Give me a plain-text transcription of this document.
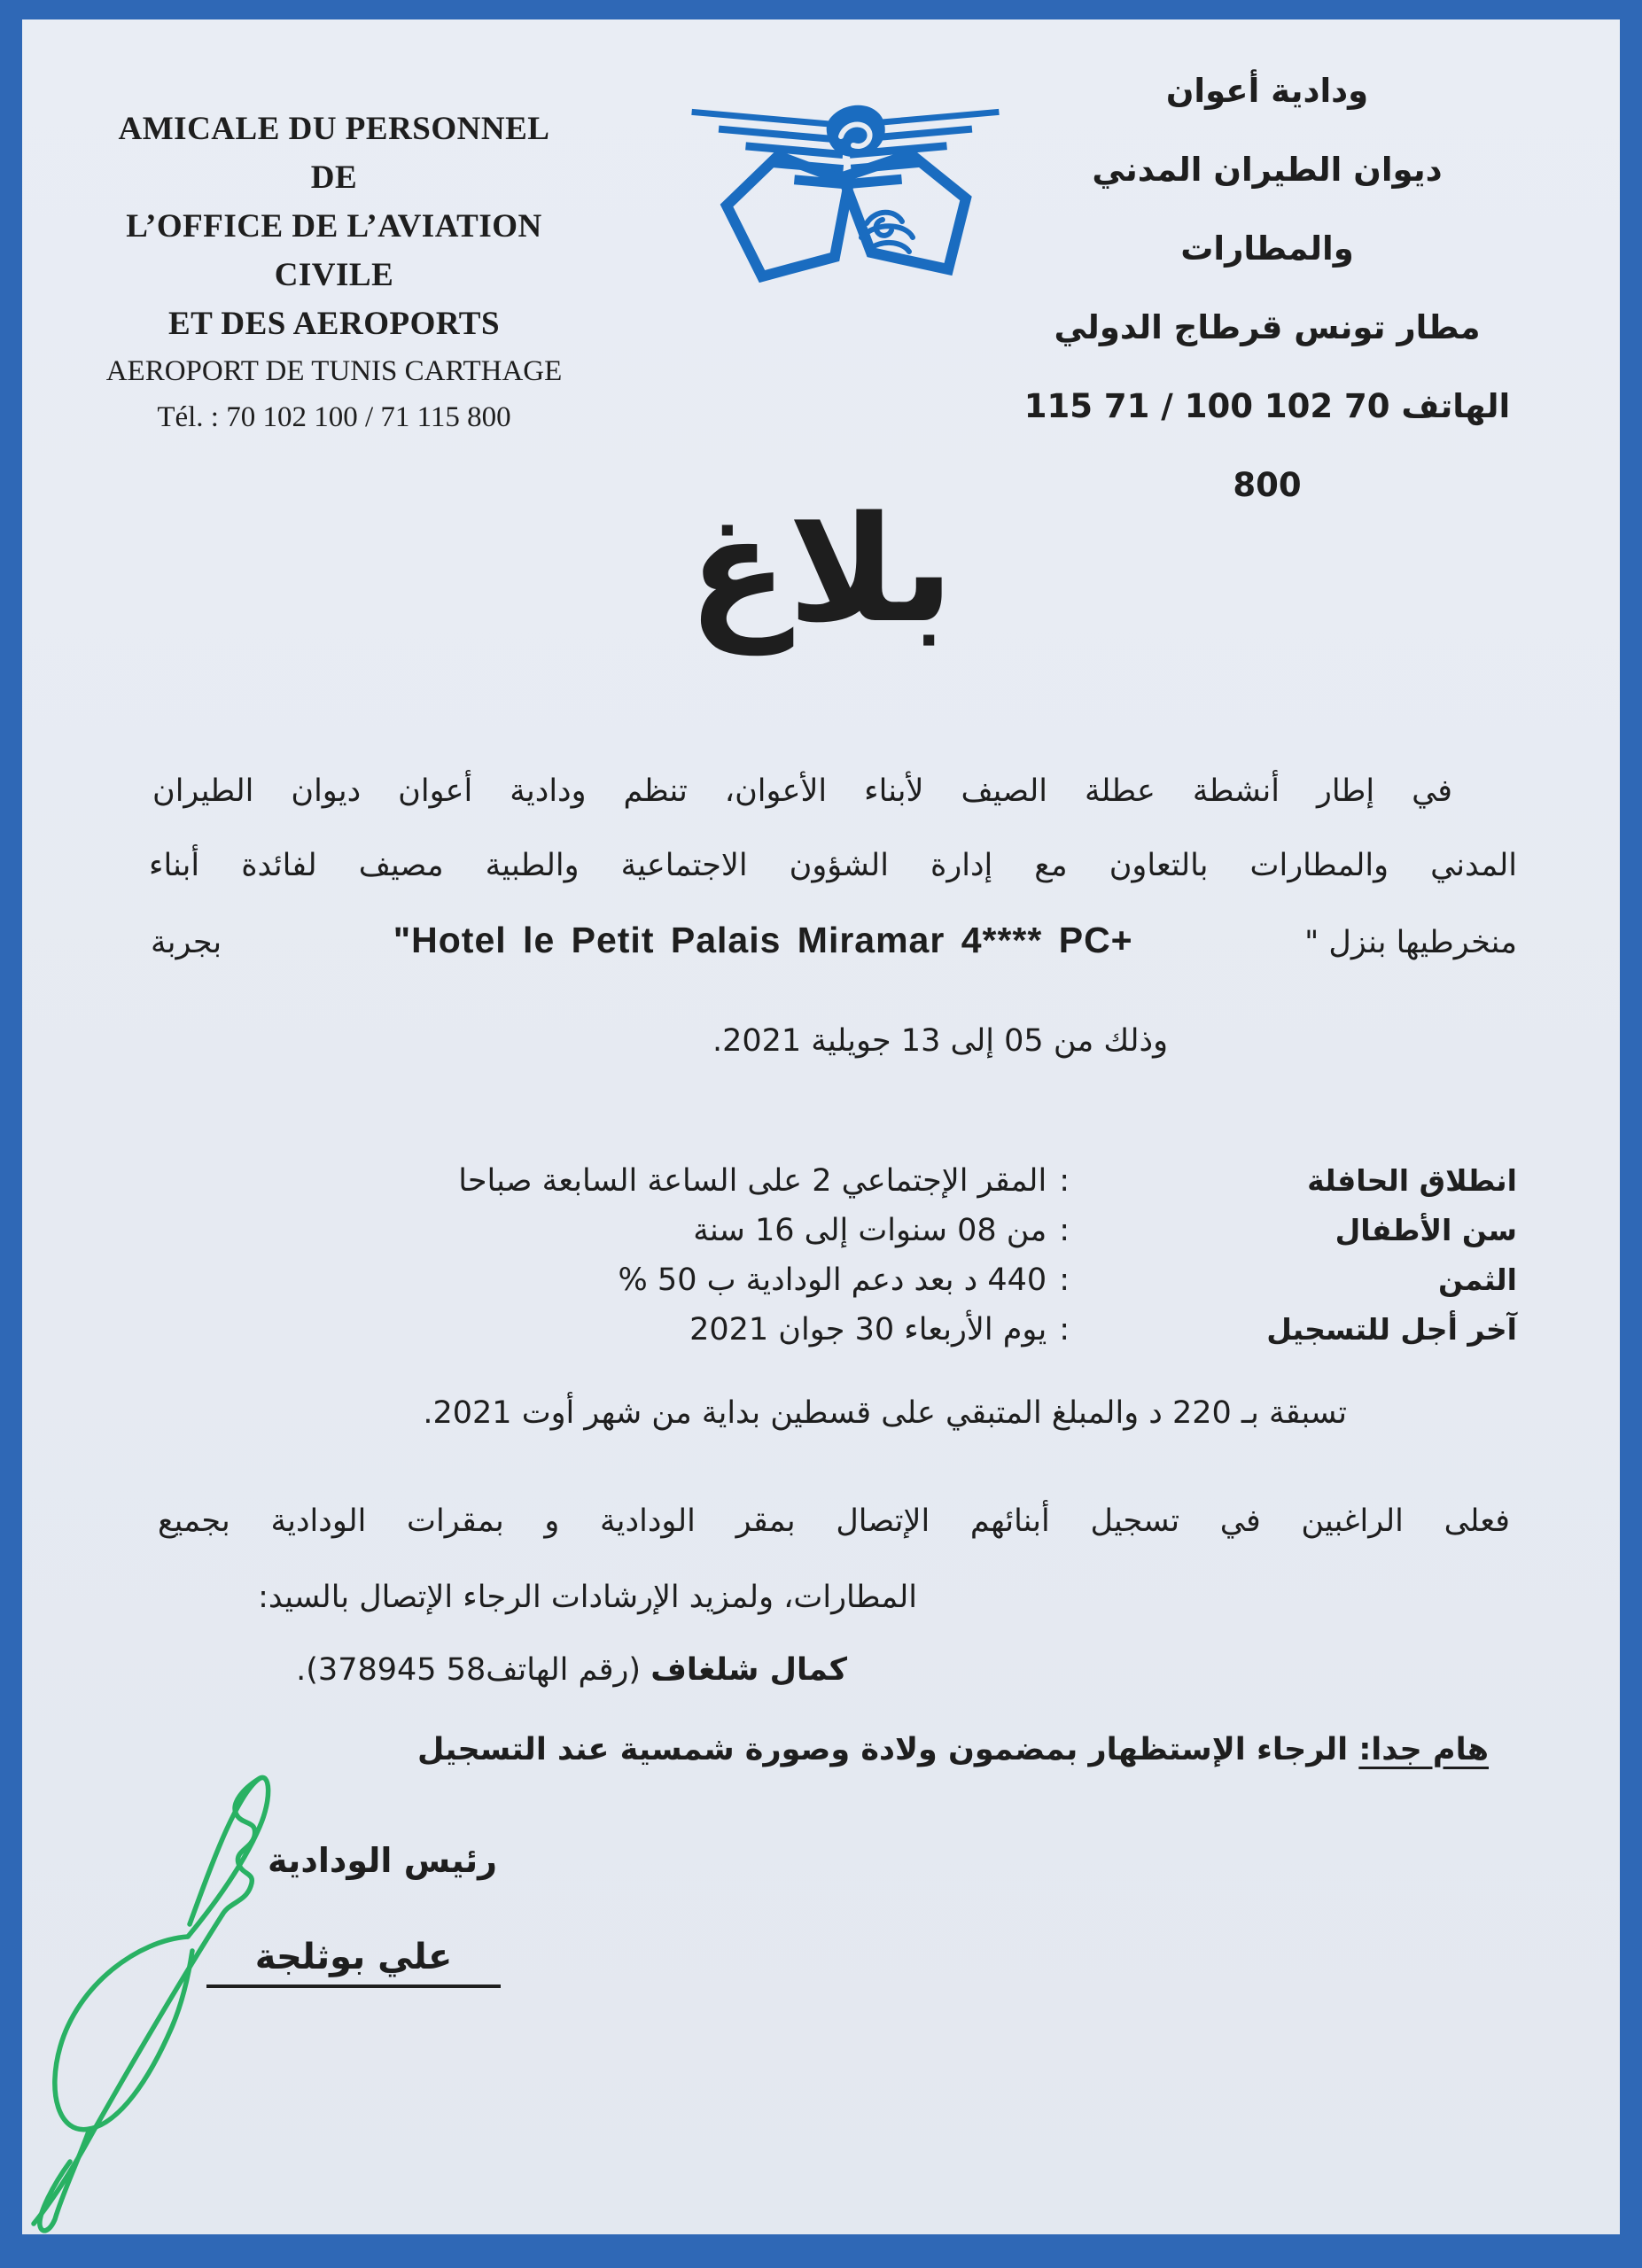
AMICALE DU PERSONNEL DE
L’OFFICE DE L’AVIATION CIVILE
ET DES AEROPORTS
AEROPORT DE TUNIS CARTHAGE
Tél. : 70 102 100 / 71 115 800
ودادية أعوان
ديوان الطيران المدني والمطارات
مطار تونس قرطاج الدولي
الهاتف 70 102 100 / 71 115 800
بلاغ
في إطار أنشطة عطلة الصيف لأبناء الأعوان، تنظم ودادية أعوان ديوان الطيران
المدني والمطارات بالتعاون مع إدارة الشؤون الاجتماعية والطبية مصيف لفائدة أبناء
منخرطيها بنزل "
"Hotel le Petit Palais Miramar 4**** PC+
بجربة
وذلك من 05 إلى 13 جويلية 2021.
انطلاق الحافلة
:
المقر الإجتماعي 2 على الساعة السابعة صباحا
سن الأطفال
:
من 08 سنوات إلى 16 سنة
الثمن
:
440 د بعد دعم الودادية ب 50 %
آخر أجل للتسجيل
:
يوم الأربعاء 30 جوان 2021
تسبقة بـ 220 د والمبلغ المتبقي على قسطين بداية من شهر أوت 2021.
فعلى الراغبين في تسجيل أبنائهم الإتصال بمقر الودادية و بمقرات الودادية بجميع
المطارات، ولمزيد الإرشادات الرجاء الإتصال بالسيد:
كمال شلغاف (رقم الهاتف58 378945).
هام جدا: الرجاء الإستظهار بمضمون ولادة وصورة شمسية عند التسجيل
رئيس الودادية
علي بوثلجة
